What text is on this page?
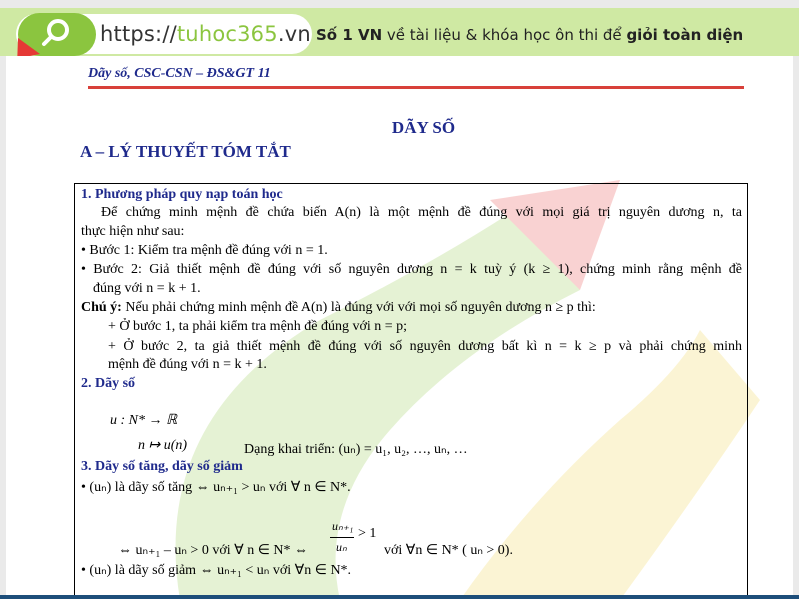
https://tuhoc365.vn Số 1 VN về tài liệu & khóa học ôn thi để giỏi toàn diện
Dãy số, CSC-CSN – ĐS&GT 11
DÃY SỐ
A – LÝ THUYẾT TÓM TẮT
1. Phương pháp quy nạp toán học
Để chứng minh mệnh đề chứa biến A(n) là một mệnh đề đúng với mọi giá trị nguyên dương n, ta
thực hiện như sau:
• Bước 1: Kiểm tra mệnh đề đúng với n = 1.
• Bước 2: Giả thiết mệnh đề đúng với số nguyên dương n = k tuỳ ý (k ≥ 1), chứng minh rằng mệnh đề
đúng với n = k + 1.
Chú ý: Nếu phải chứng minh mệnh đề A(n) là đúng với với mọi số nguyên dương n ≥ p thì:
+ Ở bước 1, ta phải kiểm tra mệnh đề đúng với n = p;
+ Ở bước 2, ta giả thiết mệnh đề đúng với số nguyên dương bất kì n = k ≥ p và phải chứng minh
mệnh đề đúng với n = k + 1.
2. Dãy số
u : N* → ℝ
n ↦ u(n)	Dạng khai triển: (uₙ) = u₁, u₂, …, uₙ, …
3. Dãy số tăng, dãy số giảm
• (uₙ) là dãy số tăng ⇔ uₙ₊₁ > uₙ với ∀ n ∈ N*.
uₙ₊₁
uₙ
> 1
⇔ uₙ₊₁ – uₙ > 0 với ∀ n ∈ N* ⇔	với ∀n ∈ N* ( uₙ > 0).
• (uₙ) là dãy số giảm ⇔ uₙ₊₁ < uₙ với ∀n ∈ N*.
